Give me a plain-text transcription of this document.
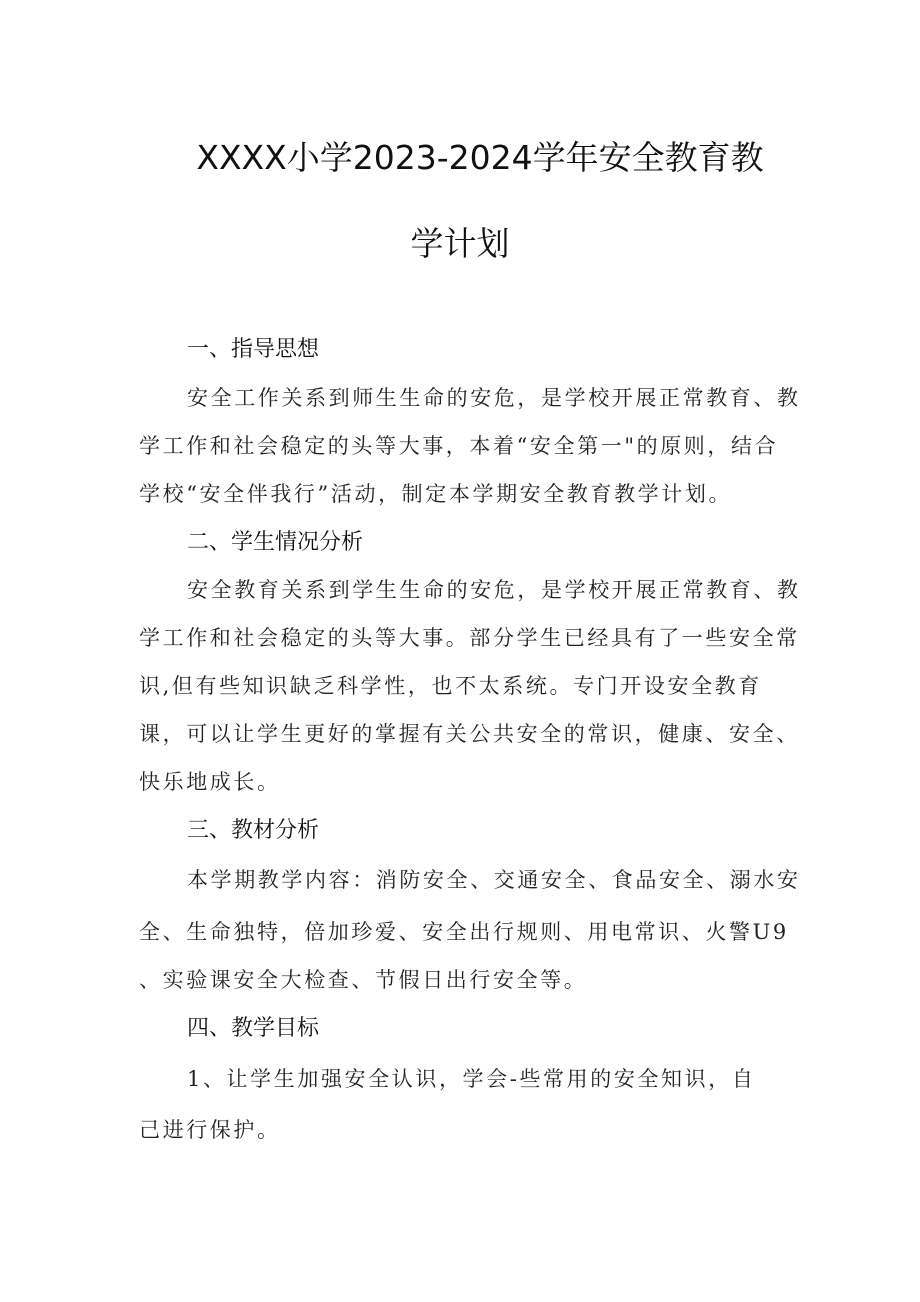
XXXX小学2023-2024学年安全教育教
学计划
一、指导思想
安全工作关系到师生生命的安危，是学校开展正常教育、教
学工作和社会稳定的头等大事，本着“安全第一"的原则，结合
学校“安全伴我行”活动，制定本学期安全教育教学计划。
二、学生情况分析
安全教育关系到学生生命的安危，是学校开展正常教育、教
学工作和社会稳定的头等大事。部分学生已经具有了一些安全常
识,但有些知识缺乏科学性，也不太系统。专门开设安全教育
课，可以让学生更好的掌握有关公共安全的常识，健康、安全、
快乐地成长。
三、教材分析
本学期教学内容：消防安全、交通安全、食品安全、溺水安
全、生命独特，倍加珍爱、安全出行规则、用电常识、火警U9
、实验课安全大检查、节假日出行安全等。
四、教学目标
1、让学生加强安全认识，学会-些常用的安全知识，自
己进行保护。
